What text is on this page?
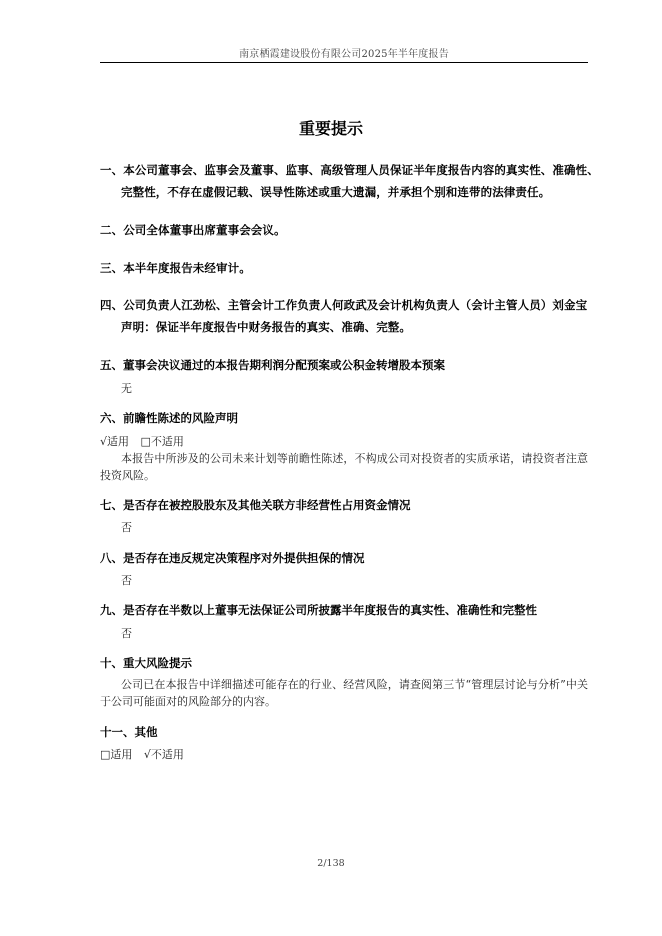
南京栖霞建设股份有限公司2025年半年度报告
重要提示
一、本公司董事会、监事会及董事、监事、高级管理人员保证半年度报告内容的真实性、准确性、
完整性，不存在虚假记载、误导性陈述或重大遗漏，并承担个别和连带的法律责任。
二、公司全体董事出席董事会会议。
三、本半年度报告未经审计。
四、公司负责人江劲松、主管会计工作负责人何政武及会计机构负责人（会计主管人员）刘金宝
声明：保证半年度报告中财务报告的真实、准确、完整。
五、董事会决议通过的本报告期利润分配预案或公积金转增股本预案
无
六、前瞻性陈述的风险声明
√适用 □不适用
本报告中所涉及的公司未来计划等前瞻性陈述，不构成公司对投资者的实质承诺，请投资者注意投资风险。
七、是否存在被控股股东及其他关联方非经营性占用资金情况
否
八、是否存在违反规定决策程序对外提供担保的情况
否
九、是否存在半数以上董事无法保证公司所披露半年度报告的真实性、准确性和完整性
否
十、重大风险提示
公司已在本报告中详细描述可能存在的行业、经营风险，请查阅第三节“管理层讨论与分析”中关于公司可能面对的风险部分的内容。
十一、其他
□适用 √不适用
2/138
